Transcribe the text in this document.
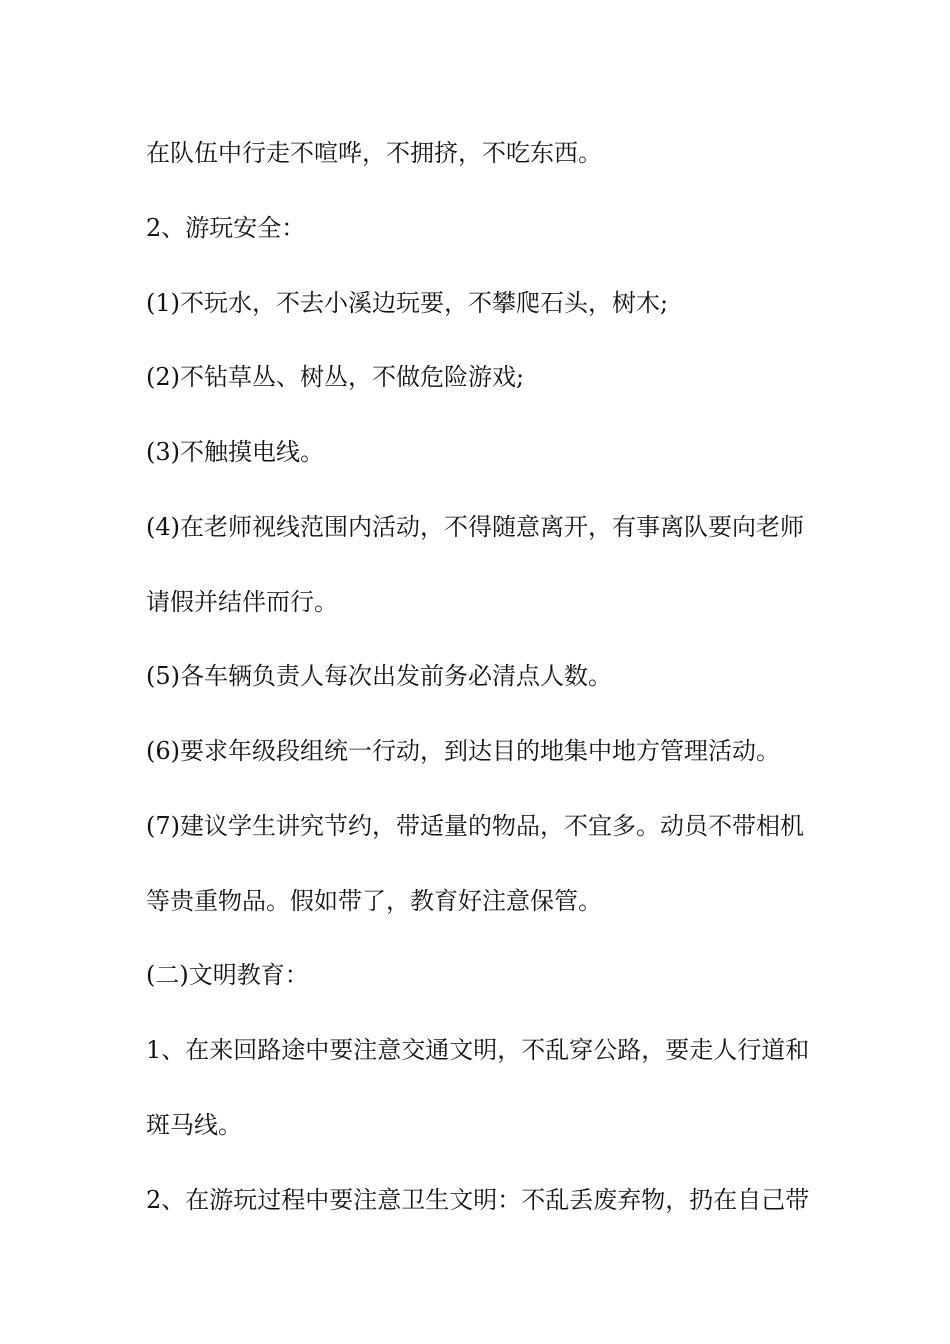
在队伍中行走不喧哗，不拥挤，不吃东西。
2、游玩安全：
(1)不玩水，不去小溪边玩要，不攀爬石头，树木;
(2)不钻草丛、树丛，不做危险游戏;
(3)不触摸电线。
(4)在老师视线范围内活动，不得随意离开，有事离队要向老师
请假并结伴而行。
(5)各车辆负责人每次出发前务必清点人数。
(6)要求年级段组统一行动，到达目的地集中地方管理活动。
(7)建议学生讲究节约，带适量的物品，不宜多。动员不带相机
等贵重物品。假如带了，教育好注意保管。
(二)文明教育：
1、在来回路途中要注意交通文明，不乱穿公路，要走人行道和
斑马线。
2、在游玩过程中要注意卫生文明：不乱丢废弃物，扔在自己带
